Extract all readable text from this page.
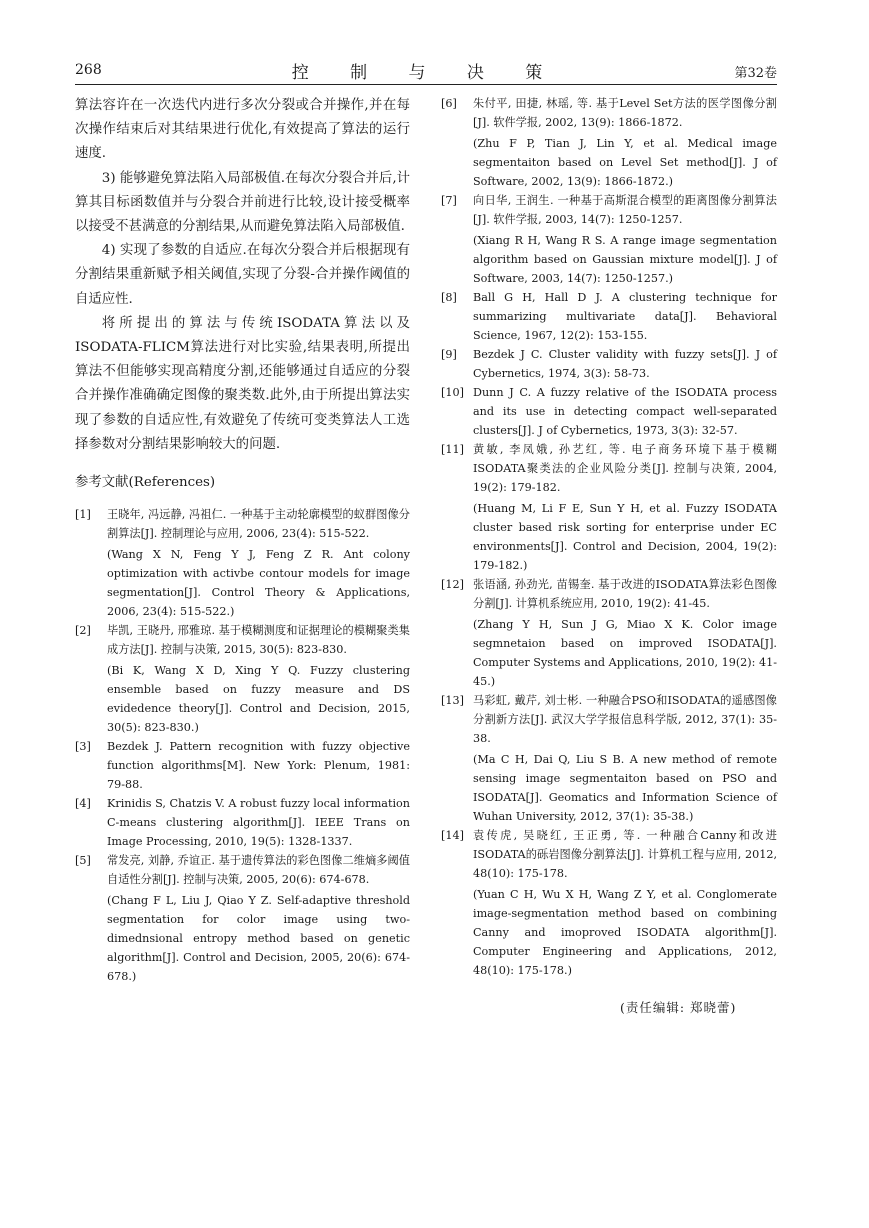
268	控 制 与 决 策	第32卷

算法容许在一次迭代内进行多次分裂或合并操作,并在每次操作结束后对其结果进行优化,有效提高了算法的运行速度.

3) 能够避免算法陷入局部极值.在每次分裂合并后,计算其目标函数值并与分裂合并前进行比较,设计接受概率以接受不甚满意的分割结果,从而避免算法陷入局部极值.

4) 实现了参数的自适应.在每次分裂合并后根据现有分割结果重新赋予相关阈值,实现了分裂-合并操作阈值的自适应性.

将所提出的算法与传统ISODATA算法以及ISODATA-FLICM算法进行对比实验,结果表明,所提出算法不但能够实现高精度分割,还能够通过自适应的分裂合并操作准确确定图像的聚类数.此外,由于所提出算法实现了参数的自适应性,有效避免了传统可变类算法人工选择参数对分割结果影响较大的问题.

参考文献(References)
[1] 王晓年, 冯远静, 冯祖仁. 一种基于主动轮廓模型的蚁群图像分割算法[J]. 控制理论与应用, 2006, 23(4): 515-522.
(Wang X N, Feng Y J, Feng Z R. Ant colony optimization with activbe contour models for image segmentation[J]. Control Theory & Applications, 2006, 23(4): 515-522.)
[2] 毕凯, 王晓丹, 邢雅琼. 基于模糊测度和证据理论的模糊聚类集成方法[J]. 控制与决策, 2015, 30(5): 823-830.
(Bi K, Wang X D, Xing Y Q. Fuzzy clustering ensemble based on fuzzy measure and DS evidedence theory[J]. Control and Decision, 2015, 30(5): 823-830.)
[3] Bezdek J. Pattern recognition with fuzzy objective function algorithms[M]. New York: Plenum, 1981: 79-88.
[4] Krinidis S, Chatzis V. A robust fuzzy local information C-means clustering algorithm[J]. IEEE Trans on Image Processing, 2010, 19(5): 1328-1337.
[5] 常发亮, 刘静, 乔谊正. 基于遗传算法的彩色图像二维熵多阈值自适性分割[J]. 控制与决策, 2005, 20(6): 674-678.
(Chang F L, Liu J, Qiao Y Z. Self-adaptive threshold segmentation for color image using two-dimednsional entropy method based on genetic algorithm[J]. Control and Decision, 2005, 20(6): 674-678.)
[6] 朱付平, 田捷, 林瑶, 等. 基于Level Set方法的医学图像分割[J]. 软件学报, 2002, 13(9): 1866-1872.
(Zhu F P, Tian J, Lin Y, et al. Medical image segmentaiton based on Level Set method[J]. J of Software, 2002, 13(9): 1866-1872.)
[7] 向日华, 王润生. 一种基于高斯混合模型的距离图像分割算法[J]. 软件学报, 2003, 14(7): 1250-1257.
(Xiang R H, Wang R S. A range image segmentation algorithm based on Gaussian mixture model[J]. J of Software, 2003, 14(7): 1250-1257.)
[8] Ball G H, Hall D J. A clustering technique for summarizing multivariate data[J]. Behavioral Science, 1967, 12(2): 153-155.
[9] Bezdek J C. Cluster validity with fuzzy sets[J]. J of Cybernetics, 1974, 3(3): 58-73.
[10] Dunn J C. A fuzzy relative of the ISODATA process and its use in detecting compact well-separated clusters[J]. J of Cybernetics, 1973, 3(3): 32-57.
[11] 黄敏, 李凤娥, 孙艺红, 等. 电子商务环境下基于模糊ISODATA聚类法的企业风险分类[J]. 控制与决策, 2004, 19(2): 179-182.
(Huang M, Li F E, Sun Y H, et al. Fuzzy ISODATA cluster based risk sorting for enterprise under EC environments[J]. Control and Decision, 2004, 19(2): 179-182.)
[12] 张语涵, 孙劲光, 苗锡奎. 基于改进的ISODATA算法彩色图像分割[J]. 计算机系统应用, 2010, 19(2): 41-45.
(Zhang Y H, Sun J G, Miao X K. Color image segmnetaion based on improved ISODATA[J]. Computer Systems and Applications, 2010, 19(2): 41-45.)
[13] 马彩虹, 戴芹, 刘士彬. 一种融合PSO和ISODATA的遥感图像分割新方法[J]. 武汉大学学报信息科学版, 2012, 37(1): 35-38.
(Ma C H, Dai Q, Liu S B. A new method of remote sensing image segmentaiton based on PSO and ISODATA[J]. Geomatics and Information Science of Wuhan University, 2012, 37(1): 35-38.)
[14] 袁传虎, 吴晓红, 王正勇, 等. 一种融合Canny和改进ISODATA的砾岩图像分割算法[J]. 计算机工程与应用, 2012, 48(10): 175-178.
(Yuan C H, Wu X H, Wang Z Y, et al. Conglomerate image-segmentation method based on combining Canny and imoproved ISODATA algorithm[J]. Computer Engineering and Applications, 2012, 48(10): 175-178.)
(责任编辑: 郑晓蕾)
